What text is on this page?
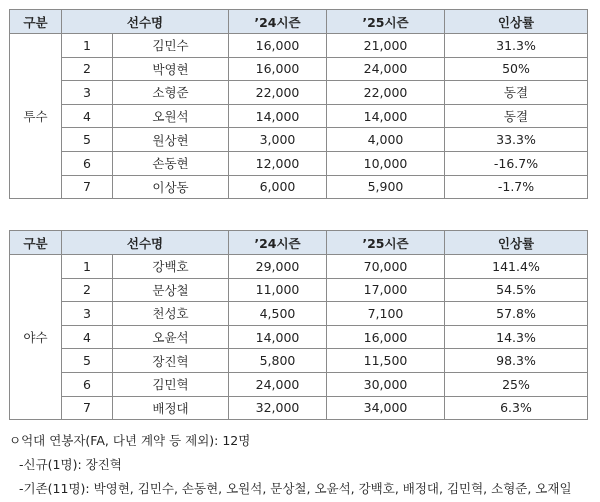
구분	선수명		’24시즌	’25시즌	인상률
투수	1	김민수	16,000	21,000	31.3%
	2	박영현	16,000	24,000	50%
	3	소형준	22,000	22,000	동결
	4	오원석	14,000	14,000	동결
	5	원상현	3,000	4,000	33.3%
	6	손동현	12,000	10,000	-16.7%
	7	이상동	6,000	5,900	-1.7%
구분	선수명		’24시즌	’25시즌	인상률
야수	1	강백호	29,000	70,000	141.4%
	2	문상철	11,000	17,000	54.5%
	3	천성호	4,500	7,100	57.8%
	4	오윤석	14,000	16,000	14.3%
	5	장진혁	5,800	11,500	98.3%
	6	김민혁	24,000	30,000	25%
	7	배정대	32,000	34,000	6.3%
ㅇ억대 연봉자(FA, 다년 계약 등 제외): 12명
-신규(1명): 장진혁
-기존(11명): 박영현, 김민수, 손동현, 오원석, 문상철, 오윤석, 강백호, 배정대, 김민혁, 소형준, 오재일
